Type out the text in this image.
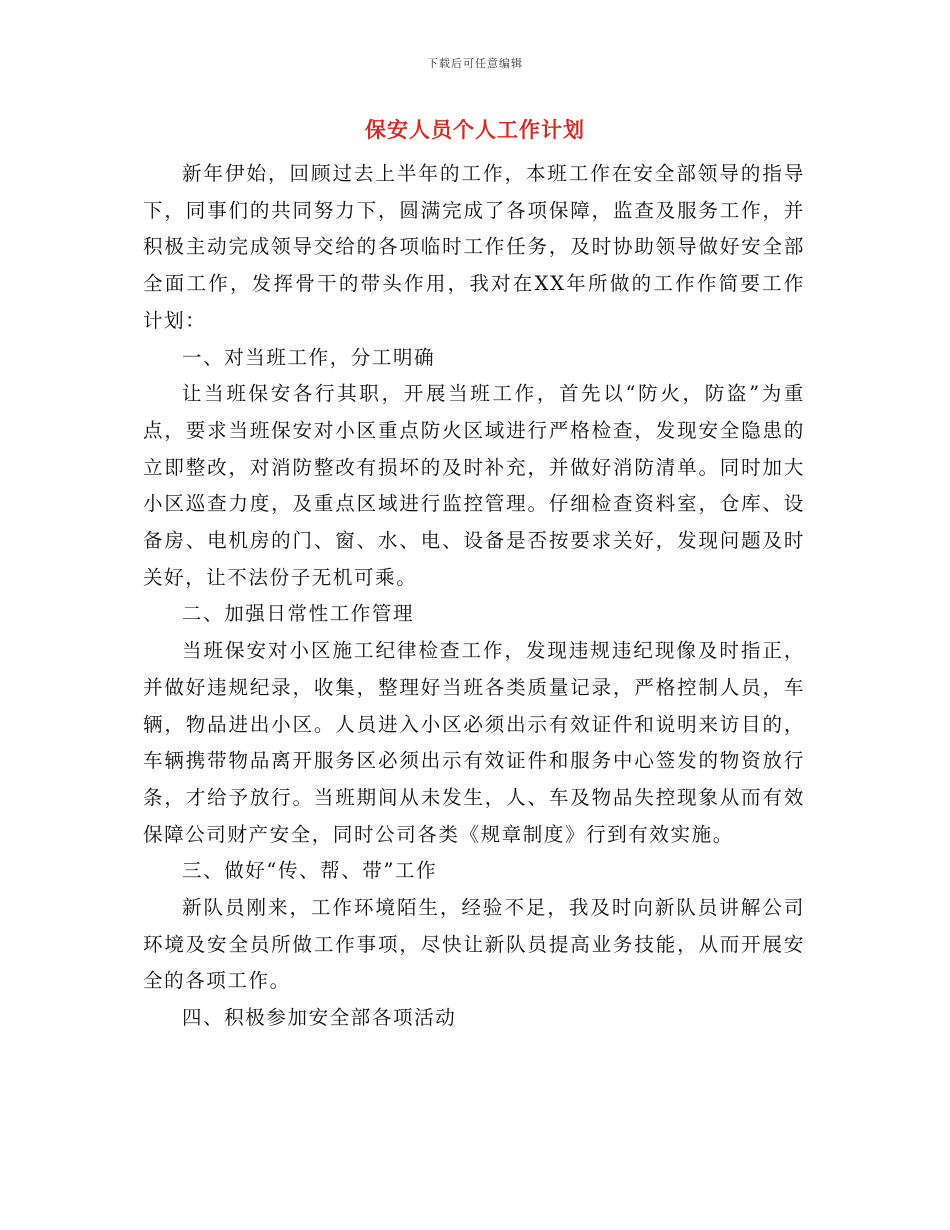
下载后可任意编辑
保安人员个人工作计划

新年伊始，回顾过去上半年的工作，本班工作在安全部领导的指导下，同事们的共同努力下，圆满完成了各项保障，监查及服务工作，并积极主动完成领导交给的各项临时工作任务，及时协助领导做好安全部全面工作，发挥骨干的带头作用，我对在XX年所做的工作作简要工作计划：

一、对当班工作，分工明确

让当班保安各行其职，开展当班工作，首先以“防火，防盗”为重点，要求当班保安对小区重点防火区域进行严格检查，发现安全隐患的立即整改，对消防整改有损坏的及时补充，并做好消防清单。同时加大小区巡查力度，及重点区域进行监控管理。仔细检查资料室，仓库、设备房、电机房的门、窗、水、电、设备是否按要求关好，发现问题及时关好，让不法份子无机可乘。

二、加强日常性工作管理

当班保安对小区施工纪律检查工作，发现违规违纪现像及时指正，并做好违规纪录，收集，整理好当班各类质量记录，严格控制人员，车辆，物品进出小区。人员进入小区必须出示有效证件和说明来访目的，车辆携带物品离开服务区必须出示有效证件和服务中心签发的物资放行条，才给予放行。当班期间从未发生，人、车及物品失控现象从而有效保障公司财产安全，同时公司各类《规章制度》行到有效实施。

三、做好“传、帮、带”工作

新队员刚来，工作环境陌生，经验不足，我及时向新队员讲解公司环境及安全员所做工作事项，尽快让新队员提高业务技能，从而开展安全的各项工作。

四、积极参加安全部各项活动
